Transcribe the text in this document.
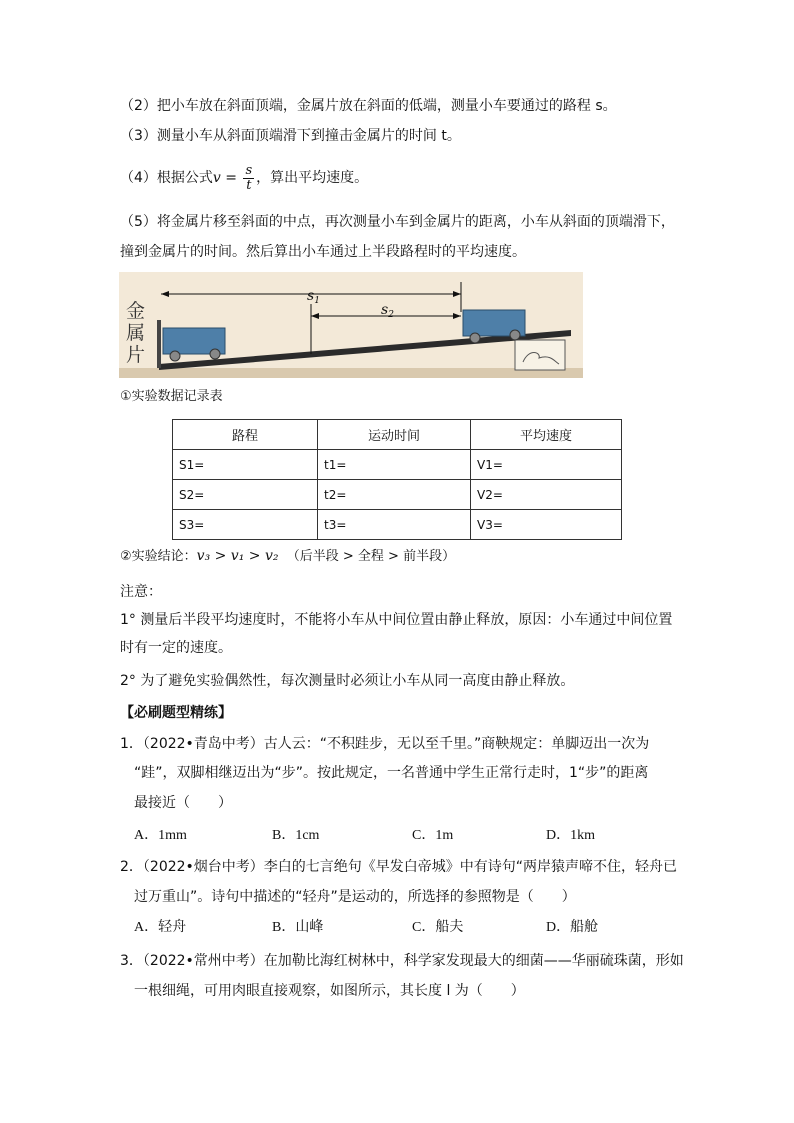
（2）把小车放在斜面顶端，金属片放在斜面的低端，测量小车要通过的路程 s。
（3）测量小车从斜面顶端滑下到撞击金属片的时间 t。
（4）根据公式$v = \frac{s}{t}$ ，算出平均速度。
（5）将金属片移至斜面的中点，再次测量小车到金属片的距离，小车从斜面的顶端滑下，
撞到金属片的时间。然后算出小车通过上半段路程时的平均速度。
$s_1$
$s_2$
金属片
①实验数据记录表
路程	运动时间	平均速度
S1=	t1=	V1=
S2=	t2=	V2=
S3=	t3=	V3=
②实验结论：v₃ > v₁ > v₂ （后半段 > 全程 > 前半段）
注意：
1° 测量后半段平均速度时，不能将小车从中间位置由静止释放，原因：小车通过中间位置
时有一定的速度。
2° 为了避免实验偶然性，每次测量时必须让小车从同一高度由静止释放。
【必刷题型精练】
1．（2022•青岛中考）古人云：“不积跬步，无以至千里。”商鞅规定：单脚迈出一次为
“跬”，双脚相继迈出为“步”。按此规定，一名普通中学生正常行走时，1“步”的距离
最接近（　　）
A．1mm	B．1cm	C．1m	D．1km
2．（2022•烟台中考）李白的七言绝句《早发白帝城》中有诗句“两岸猿声啼不住，轻舟已
过万重山”。诗句中描述的“轻舟”是运动的，所选择的参照物是（　　）
A．轻舟	B．山峰	C．船夫	D．船舱
3．（2022•常州中考）在加勒比海红树林中，科学家发现最大的细菌——华丽硫珠菌，形如
一根细绳，可用肉眼直接观察，如图所示，其长度 l 为（　　）
